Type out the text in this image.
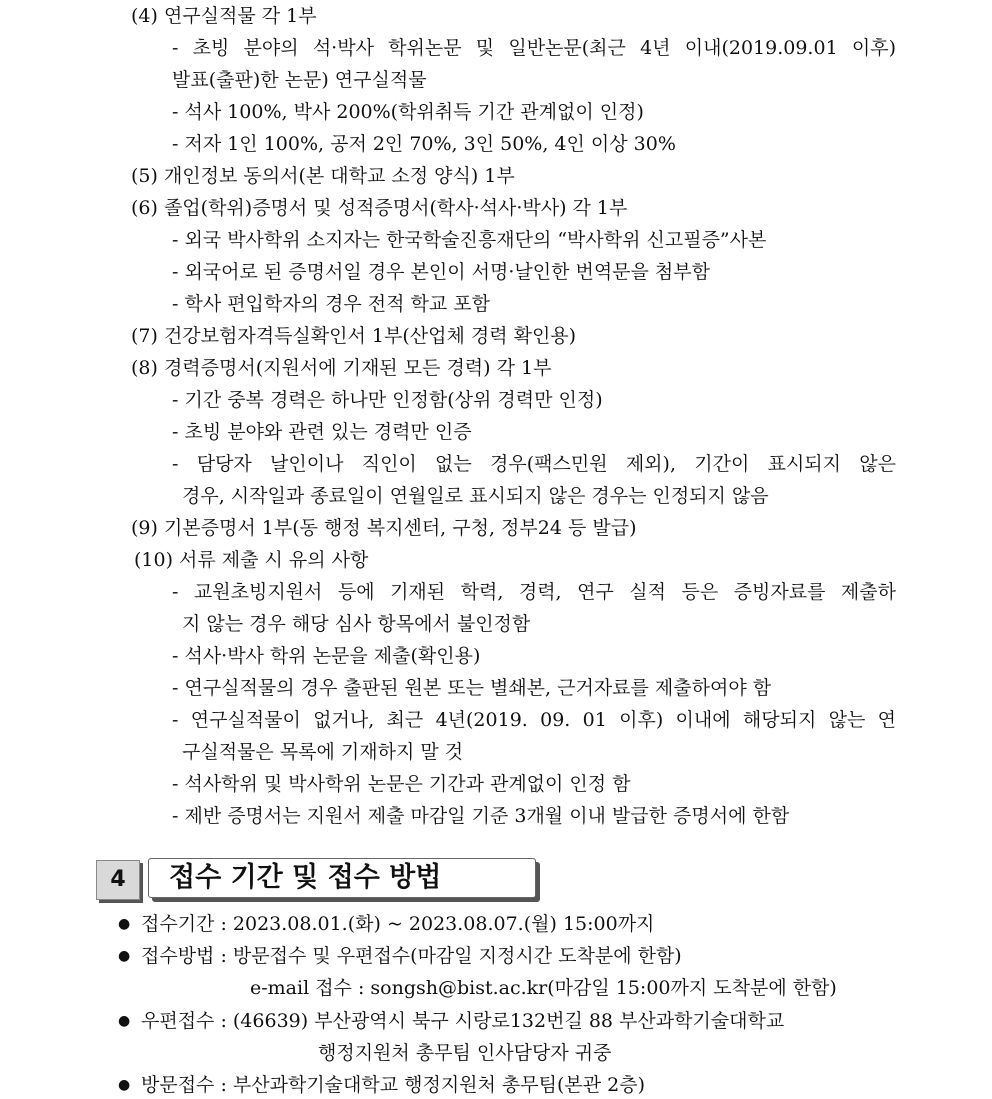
(4) 연구실적물 각 1부
- 초빙 분야의 석·박사 학위논문 및 일반논문(최근 4년 이내(2019.09.01 이후)
발표(출판)한 논문) 연구실적물
- 석사 100%, 박사 200%(학위취득 기간 관계없이 인정)
- 저자 1인 100%, 공저 2인 70%, 3인 50%, 4인 이상 30%
(5) 개인정보 동의서(본 대학교 소정 양식) 1부
(6) 졸업(학위)증명서 및 성적증명서(학사·석사·박사) 각 1부
- 외국 박사학위 소지자는 한국학술진흥재단의 “박사학위 신고필증”사본
- 외국어로 된 증명서일 경우 본인이 서명·날인한 번역문을 첨부함
- 학사 편입학자의 경우 전적 학교 포함
(7) 건강보험자격득실확인서 1부(산업체 경력 확인용)
(8) 경력증명서(지원서에 기재된 모든 경력) 각 1부
- 기간 중복 경력은 하나만 인정함(상위 경력만 인정)
- 초빙 분야와 관련 있는 경력만 인증
- 담당자 날인이나 직인이 없는 경우(팩스민원 제외), 기간이 표시되지 않은
경우, 시작일과 종료일이 연월일로 표시되지 않은 경우는 인정되지 않음
(9) 기본증명서 1부(동 행정 복지센터, 구청, 정부24 등 발급)
(10) 서류 제출 시 유의 사항
- 교원초빙지원서 등에 기재된 학력, 경력, 연구 실적 등은 증빙자료를 제출하
지 않는 경우 해당 심사 항목에서 불인정함
- 석사·박사 학위 논문을 제출(확인용)
- 연구실적물의 경우 출판된 원본 또는 별쇄본, 근거자료를 제출하여야 함
- 연구실적물이 없거나, 최근 4년(2019. 09. 01 이후) 이내에 해당되지 않는 연
구실적물은 목록에 기재하지 말 것
- 석사학위 및 박사학위 논문은 기간과 관계없이 인정 함
- 제반 증명서는 지원서 제출 마감일 기준 3개월 이내 발급한 증명서에 한함
4	접수 기간 및 접수 방법
● 접수기간 : 2023.08.01.(화) ~ 2023.08.07.(월) 15:00까지
● 접수방법 : 방문접수 및 우편접수(마감일 지정시간 도착분에 한함)
e-mail 접수 : songsh@bist.ac.kr(마감일 15:00까지 도착분에 한함)
● 우편접수 : (46639) 부산광역시 북구 시랑로132번길 88 부산과학기술대학교
행정지원처 총무팀 인사담당자 귀중
● 방문접수 : 부산과학기술대학교 행정지원처 총무팀(본관 2층)
